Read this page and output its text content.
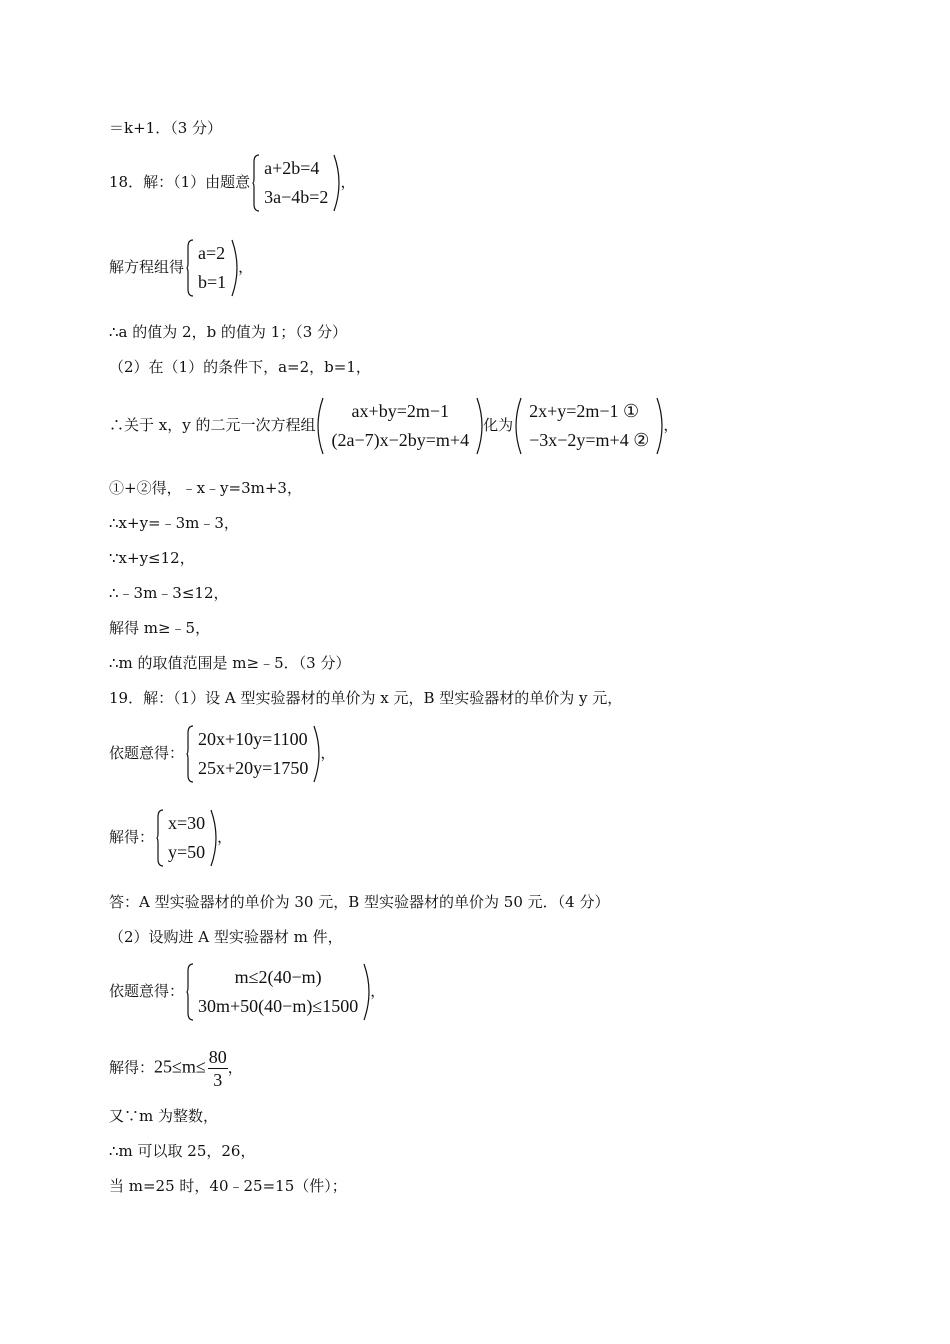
＝k+1．（3 分）
18．解：（1）由题意
a+2b=4
3a−4b=2
，
解方程组得
a=2
b=1
，
∴a 的值为 2，b 的值为 1；（3 分）
（2）在（1）的条件下，a=2，b=1，
∴关于 x，y 的二元一次方程组
ax+by=2m−1
(2a−7)x−2by=m+4
化为
2x+y=2m−1 ①
−3x−2y=m+4 ②
，
①+②得，﹣x﹣y=3m+3，
∴x+y=﹣3m﹣3，
∵x+y≤12，
∴﹣3m﹣3≤12，
解得 m≥﹣5，
∴m 的取值范围是 m≥﹣5．（3 分）
19．解：（1）设 A 型实验器材的单价为 x 元，B 型实验器材的单价为 y 元，
依题意得：
20x+10y=1100
25x+20y=1750
，
解得：
x=30
y=50
，
答：A 型实验器材的单价为 30 元，B 型实验器材的单价为 50 元．（4 分）
（2）设购进 A 型实验器材 m 件，
依题意得：
m≤2(40−m)
30m+50(40−m)≤1500
，
解得：$25\le m\le \frac{80}{3}$ ，
又∵m 为整数，
∴m 可以取 25，26，
当 m=25 时，40﹣25=15（件）；
